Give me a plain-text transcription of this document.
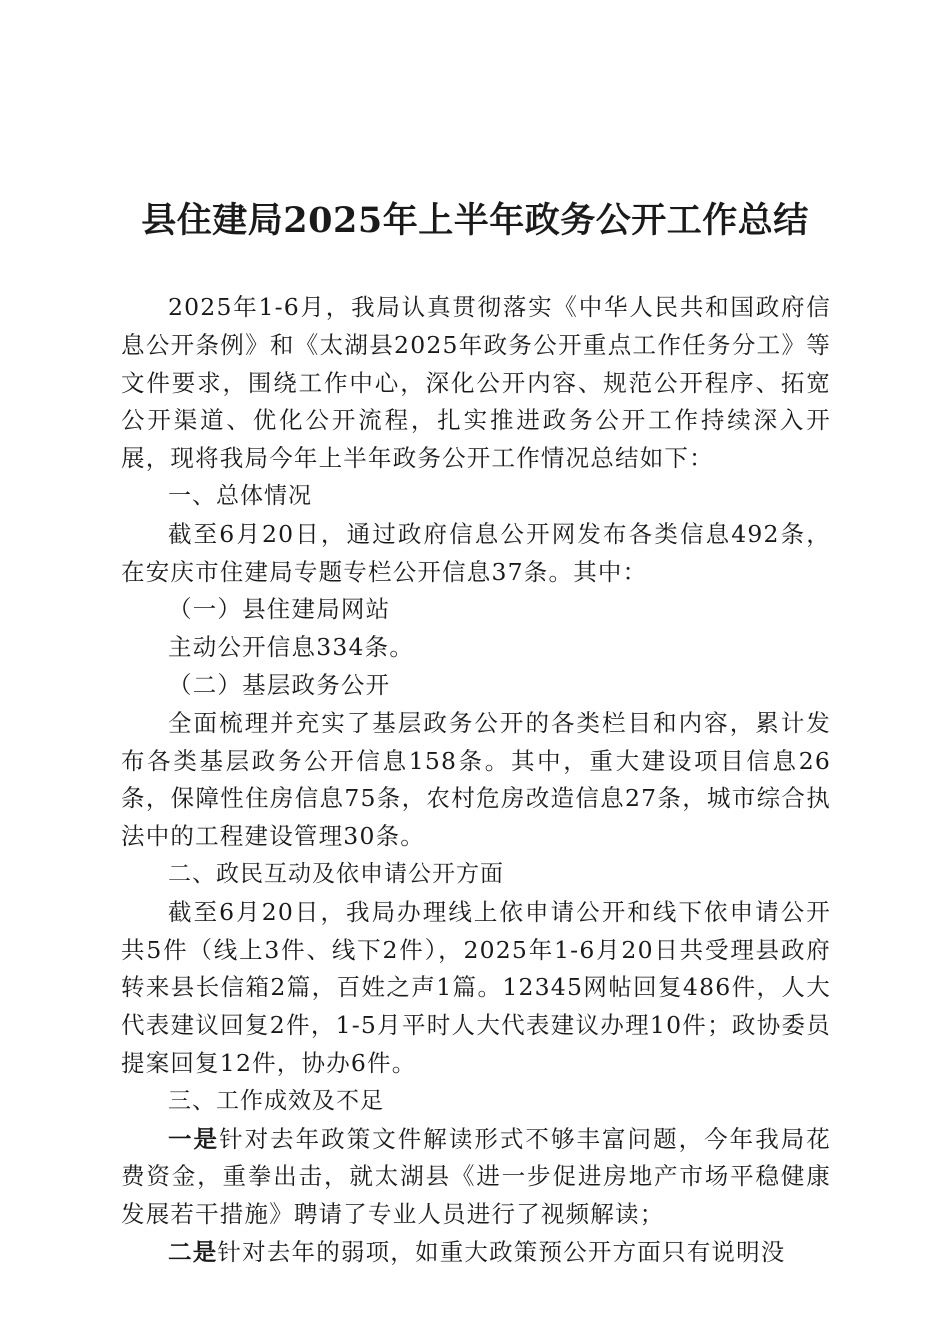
县住建局2025年上半年政务公开工作总结

2025年1-6月，我局认真贯彻落实《中华人民共和国政府信息公开条例》和《太湖县2025年政务公开重点工作任务分工》等文件要求，围绕工作中心，深化公开内容、规范公开程序、拓宽公开渠道、优化公开流程，扎实推进政务公开工作持续深入开展，现将我局今年上半年政务公开工作情况总结如下：

一、总体情况

截至6月20日，通过政府信息公开网发布各类信息492条，在安庆市住建局专题专栏公开信息37条。其中：

（一）县住建局网站

主动公开信息334条。

（二）基层政务公开

全面梳理并充实了基层政务公开的各类栏目和内容，累计发布各类基层政务公开信息158条。其中，重大建设项目信息26条，保障性住房信息75条，农村危房改造信息27条，城市综合执法中的工程建设管理30条。

二、政民互动及依申请公开方面

截至6月20日，我局办理线上依申请公开和线下依申请公开共5件（线上3件、线下2件），2025年1-6月20日共受理县政府转来县长信箱2篇，百姓之声1篇。12345网帖回复486件，人大代表建议回复2件，1-5月平时人大代表建议办理10件；政协委员提案回复12件，协办6件。

三、工作成效及不足

一是针对去年政策文件解读形式不够丰富问题，今年我局花费资金，重拳出击，就太湖县《进一步促进房地产市场平稳健康发展若干措施》聘请了专业人员进行了视频解读；

二是针对去年的弱项，如重大政策预公开方面只有说明没
